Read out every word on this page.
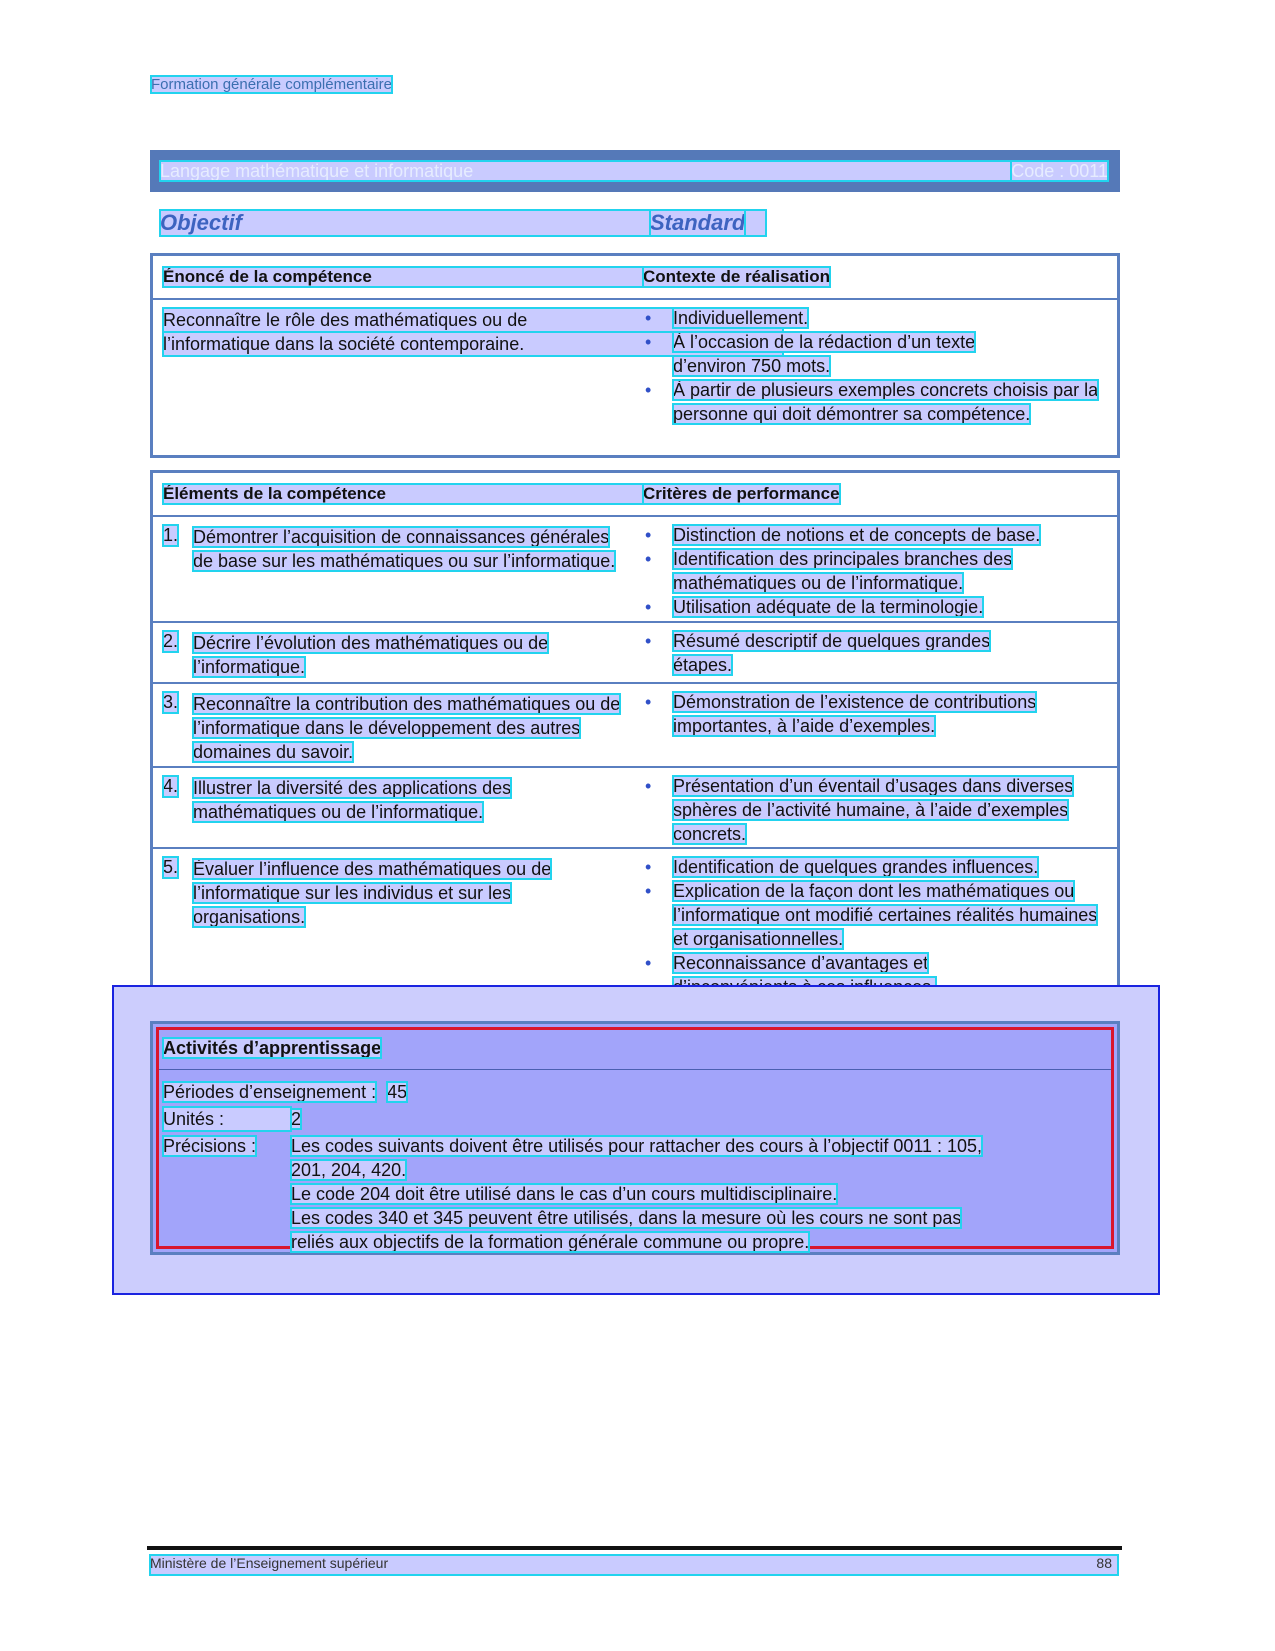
Formation générale complémentaire
Langage mathématique et informatique	Code : 0011
Objectif	Standard
Énoncé de la compétence	Contexte de réalisation
Reconnaître le rôle des mathématiques ou de
l’informatique dans la société contemporaine.
• Individuellement.
• À l’occasion de la rédaction d’un texte d’environ 750 mots.
• À partir de plusieurs exemples concrets choisis par la personne qui doit démontrer sa compétence.
Éléments de la compétence	Critères de performance
1. Démontrer l’acquisition de connaissances générales de base sur les mathématiques ou sur l’informatique.
• Distinction de notions et de concepts de base.
• Identification des principales branches des mathématiques ou de l’informatique.
• Utilisation adéquate de la terminologie.
2. Décrire l’évolution des mathématiques ou de l’informatique.
• Résumé descriptif de quelques grandes étapes.
3. Reconnaître la contribution des mathématiques ou de l’informatique dans le développement des autres domaines du savoir.
• Démonstration de l’existence de contributions importantes, à l’aide d’exemples.
4. Illustrer la diversité des applications des mathématiques ou de l’informatique.
• Présentation d’un éventail d’usages dans diverses sphères de l’activité humaine, à l’aide d’exemples concrets.
5. Évaluer l’influence des mathématiques ou de l’informatique sur les individus et sur les organisations.
• Identification de quelques grandes influences.
• Explication de la façon dont les mathématiques ou l’informatique ont modifié certaines réalités humaines et organisationnelles.
• Reconnaissance d’avantages et
Activités d’apprentissage
Périodes d’enseignement : 45
Unités :	2
Précisions : Les codes suivants doivent être utilisés pour rattacher des cours à l’objectif 0011 : 105,
201, 204, 420.
Le code 204 doit être utilisé dans le cas d’un cours multidisciplinaire.
Les codes 340 et 345 peuvent être utilisés, dans la mesure où les cours ne sont pas
reliés aux objectifs de la formation générale commune ou propre.
Ministère de l’Enseignement supérieur	88
